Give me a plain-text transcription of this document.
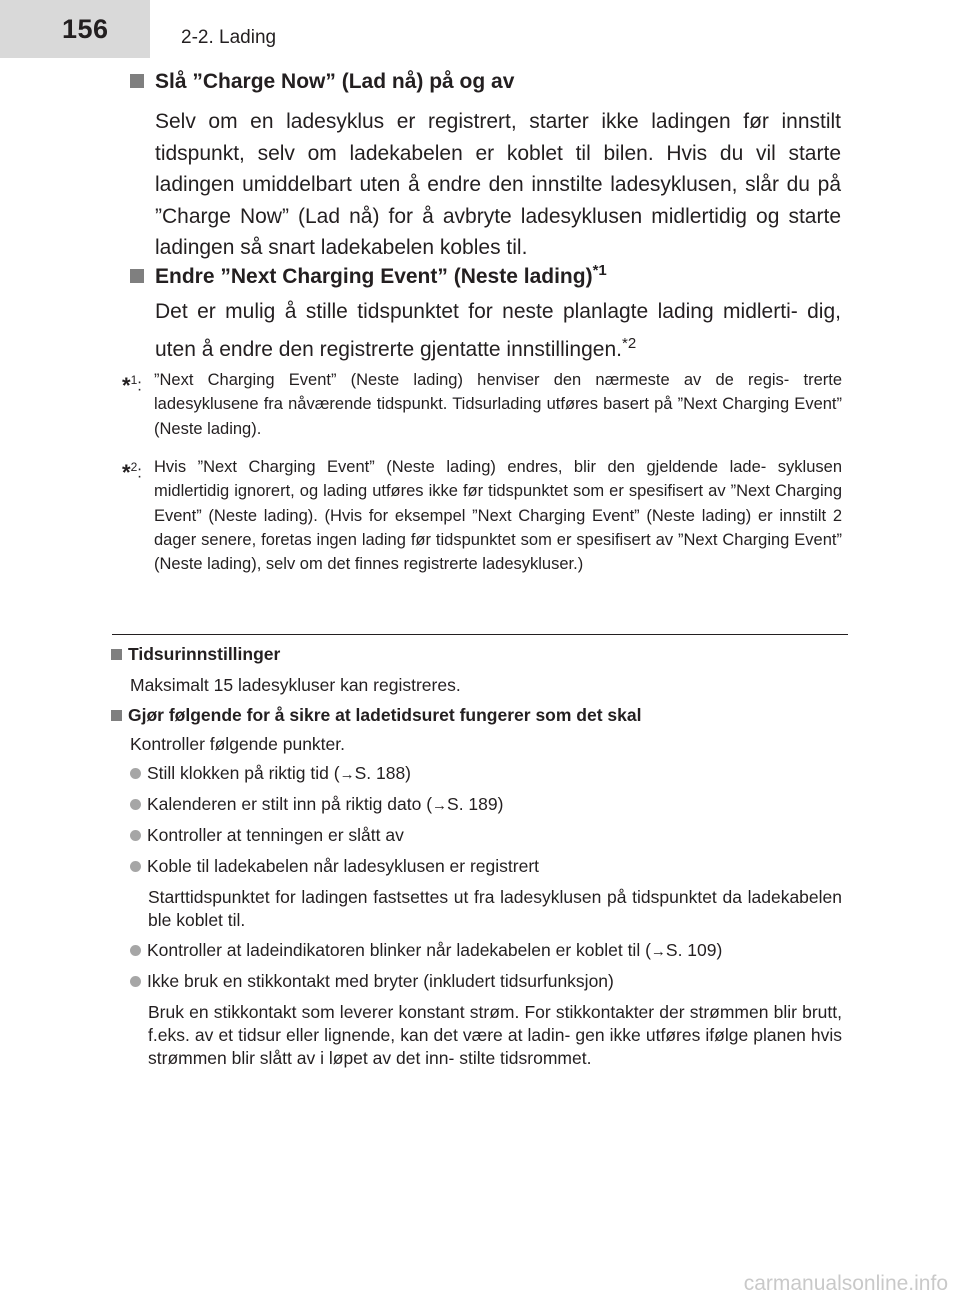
156	2-2. Lading
Slå ”Charge Now” (Lad nå) på og av
Selv om en ladesyklus er registrert, starter ikke ladingen før innstilt tidspunkt, selv om ladekabelen er koblet til bilen. Hvis du vil starte ladingen umiddelbart uten å endre den innstilte ladesyklusen, slår du på ”Charge Now” (Lad nå) for å avbryte ladesyklusen midlertidig og starte ladingen så snart ladekabelen kobles til.
Endre ”Next Charging Event” (Neste lading)$^{*1}$
Det er mulig å stille tidspunktet for neste planlagte lading midlerti- dig, uten å endre den registrerte gjentatte innstillingen.$^{*2}$
*$^1$: ”Next Charging Event” (Neste lading) henviser den nærmeste av de regis- trerte ladesyklusene fra nåværende tidspunkt. Tidsurlading utføres basert på ”Next Charging Event” (Neste lading).
*$^2$: Hvis ”Next Charging Event” (Neste lading) endres, blir den gjeldende lade- syklusen midlertidig ignorert, og lading utføres ikke før tidspunktet som er spesifisert av ”Next Charging Event” (Neste lading). (Hvis for eksempel ”Next Charging Event” (Neste lading) er innstilt 2 dager senere, foretas ingen lading før tidspunktet som er spesifisert av ”Next Charging Event” (Neste lading), selv om det finnes registrerte ladesykluser.)
Tidsurinnstillinger
Maksimalt 15 ladesykluser kan registreres.
Gjør følgende for å sikre at ladetidsuret fungerer som det skal
Kontroller følgende punkter.
Still klokken på riktig tid (→S. 188)
Kalenderen er stilt inn på riktig dato (→S. 189)
Kontroller at tenningen er slått av
Koble til ladekabelen når ladesyklusen er registrert
Starttidspunktet for ladingen fastsettes ut fra ladesyklusen på tidspunktet da ladekabelen ble koblet til.
Kontroller at ladeindikatoren blinker når ladekabelen er koblet til (→S. 109)
Ikke bruk en stikkontakt med bryter (inkludert tidsurfunksjon)
Bruk en stikkontakt som leverer konstant strøm. For stikkontakter der strømmen blir brutt, f.eks. av et tidsur eller lignende, kan det være at ladin- gen ikke utføres ifølge planen hvis strømmen blir slått av i løpet av det inn- stilte tidsrommet.
carmanualsonline.info
